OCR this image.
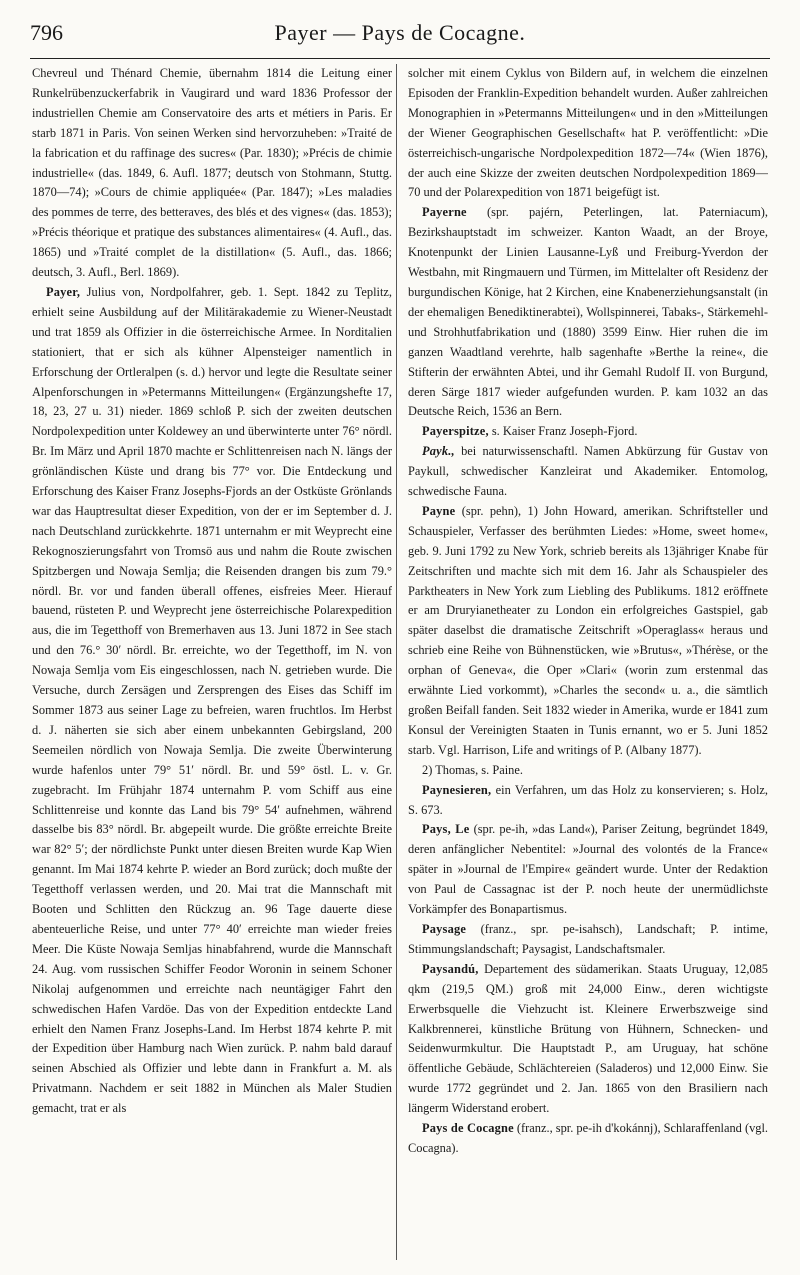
796	Payer — Pays de Cocagne.

Chevreul und Thénard Chemie, übernahm 1814 die Leitung einer Runkelrübenzuckerfabrik in Vaugirard und ward 1836 Professor der industriellen Chemie am Conservatoire des arts et métiers in Paris. Er starb 1871 in Paris. Von seinen Werken sind hervorzuheben: »Traité de la fabrication et du raffinage des sucres« (Par. 1830); »Précis de chimie industrielle« (das. 1849, 6. Aufl. 1877; deutsch von Stohmann, Stuttg. 1870—74); »Cours de chimie appliquée« (Par. 1847); »Les maladies des pommes de terre, des betteraves, des blés et des vignes« (das. 1853); »Précis théorique et pratique des substances alimentaires« (4. Aufl., das. 1865) und »Traité complet de la distillation« (5. Aufl., das. 1866; deutsch, 3. Aufl., Berl. 1869).

Payer, Julius von, Nordpolfahrer, geb. 1. Sept. 1842 zu Teplitz, erhielt seine Ausbildung auf der Militärakademie zu Wiener-Neustadt und trat 1859 als Offizier in die österreichische Armee. In Norditalien stationiert, that er sich als kühner Alpensteiger namentlich in Erforschung der Ortleralpen (s. d.) hervor und legte die Resultate seiner Alpenforschungen in »Petermanns Mitteilungen« (Ergänzungshefte 17, 18, 23, 27 u. 31) nieder. 1869 schloß P. sich der zweiten deutschen Nordpolexpedition unter Koldewey an und überwinterte unter 76° nördl. Br. Im März und April 1870 machte er Schlittenreisen nach N. längs der grönländischen Küste und drang bis 77° vor. Die Entdeckung und Erforschung des Kaiser Franz Josephs-Fjords an der Ostküste Grönlands war das Hauptresultat dieser Expedition, von der er im September d. J. nach Deutschland zurückkehrte. 1871 unternahm er mit Weyprecht eine Rekognoszierungsfahrt von Tromsö aus und nahm die Route zwischen Spitzbergen und Nowaja Semlja; die Reisenden drangen bis zum 79.° nördl. Br. vor und fanden überall offenes, eisfreies Meer. Hierauf bauend, rüsteten P. und Weyprecht jene österreichische Polarexpedition aus, die im Tegetthoff von Bremerhaven aus 13. Juni 1872 in See stach und den 76.° 30′ nördl. Br. erreichte, wo der Tegetthoff, im N. von Nowaja Semlja vom Eis eingeschlossen, nach N. getrieben wurde. Die Versuche, durch Zersägen und Zersprengen des Eises das Schiff im Sommer 1873 aus seiner Lage zu befreien, waren fruchtlos. Im Herbst d. J. näherten sie sich aber einem unbekannten Gebirgsland, 200 Seemeilen nördlich von Nowaja Semlja. Die zweite Überwinterung wurde hafenlos unter 79° 51′ nördl. Br. und 59° östl. L. v. Gr. zugebracht. Im Frühjahr 1874 unternahm P. vom Schiff aus eine Schlittenreise und konnte das Land bis 79° 54′ aufnehmen, während dasselbe bis 83° nördl. Br. abgepeilt wurde. Die größte erreichte Breite war 82° 5′; der nördlichste Punkt unter diesen Breiten wurde Kap Wien genannt. Im Mai 1874 kehrte P. wieder an Bord zurück; doch mußte der Tegetthoff verlassen werden, und 20. Mai trat die Mannschaft mit Booten und Schlitten den Rückzug an. 96 Tage dauerte diese abenteuerliche Reise, und unter 77° 40′ erreichte man wieder freies Meer. Die Küste Nowaja Semljas hinabfahrend, wurde die Mannschaft 24. Aug. vom russischen Schiffer Feodor Woronin in seinem Schoner Nikolaj aufgenommen und erreichte nach neuntägiger Fahrt den schwedischen Hafen Vardöe. Das von der Expedition entdeckte Land erhielt den Namen Franz Josephs-Land. Im Herbst 1874 kehrte P. mit der Expedition über Hamburg nach Wien zurück. P. nahm bald darauf seinen Abschied als Offizier und lebte dann in Frankfurt a. M. als Privatmann. Nachdem er seit 1882 in München als Maler Studien gemacht, trat er als

solcher mit einem Cyklus von Bildern auf, in welchem die einzelnen Episoden der Franklin-Expedition behandelt wurden. Außer zahlreichen Monographien in »Petermanns Mitteilungen« und in den »Mitteilungen der Wiener Geographischen Gesellschaft« hat P. veröffentlicht: »Die österreichisch-ungarische Nordpolexpedition 1872—74« (Wien 1876), der auch eine Skizze der zweiten deutschen Nordpolexpedition 1869—70 und der Polarexpedition von 1871 beigefügt ist.

Payerne (spr. pajérn, Peterlingen, lat. Paterniacum), Bezirkshauptstadt im schweizer. Kanton Waadt, an der Broye, Knotenpunkt der Linien Lausanne-Lyß und Freiburg-Yverdon der Westbahn, mit Ringmauern und Türmen, im Mittelalter oft Residenz der burgundischen Könige, hat 2 Kirchen, eine Knabenerziehungsanstalt (in der ehemaligen Benediktinerabtei), Wollspinnerei, Tabaks-, Stärkemehl- und Strohhutfabrikation und (1880) 3599 Einw. Hier ruhen die im ganzen Waadtland verehrte, halb sagenhafte »Berthe la reine«, die Stifterin der erwähnten Abtei, und ihr Gemahl Rudolf II. von Burgund, deren Särge 1817 wieder aufgefunden wurden. P. kam 1032 an das Deutsche Reich, 1536 an Bern.

Payerspitze, s. Kaiser Franz Joseph-Fjord.

Payk., bei naturwissenschaftl. Namen Abkürzung für Gustav von Paykull, schwedischer Kanzleirat und Akademiker. Entomolog, schwedische Fauna.

Payne (spr. pehn), 1) John Howard, amerikan. Schriftsteller und Schauspieler, Verfasser des berühmten Liedes: »Home, sweet home«, geb. 9. Juni 1792 zu New York, schrieb bereits als 13jähriger Knabe für Zeitschriften und machte sich mit dem 16. Jahr als Schauspieler des Parktheaters in New York zum Liebling des Publikums. 1812 eröffnete er am Druryianetheater zu London ein erfolgreiches Gastspiel, gab später daselbst die dramatische Zeitschrift »Operaglass« heraus und schrieb eine Reihe von Bühnenstücken, wie »Brutus«, »Thérèse, or the orphan of Geneva«, die Oper »Clari« (worin zum erstenmal das erwähnte Lied vorkommt), »Charles the second« u. a., die sämtlich großen Beifall fanden. Seit 1832 wieder in Amerika, wurde er 1841 zum Konsul der Vereinigten Staaten in Tunis ernannt, wo er 5. Juni 1852 starb. Vgl. Harrison, Life and writings of P. (Albany 1877).

2) Thomas, s. Paine.

Paynesieren, ein Verfahren, um das Holz zu konservieren; s. Holz, S. 673.

Pays, Le (spr. pe-ih, »das Land«), Pariser Zeitung, begründet 1849, deren anfänglicher Nebentitel: »Journal des volontés de la France« später in »Journal de l'Empire« geändert wurde. Unter der Redaktion von Paul de Cassagnac ist der P. noch heute der unermüdlichste Vorkämpfer des Bonapartismus.

Paysage (franz., spr. pe-isahsch), Landschaft; P. intime, Stimmungslandschaft; Paysagist, Landschaftsmaler.

Paysandú, Departement des südamerikan. Staats Uruguay, 12,085 qkm (219,5 QM.) groß mit 24,000 Einw., deren wichtigste Erwerbsquelle die Viehzucht ist. Kleinere Erwerbszweige sind Kalkbrennerei, künstliche Brütung von Hühnern, Schnecken- und Seidenwurmkultur. Die Hauptstadt P., am Uruguay, hat schöne öffentliche Gebäude, Schlächtereien (Saladeros) und 12,000 Einw. Sie wurde 1772 gegründet und 2. Jan. 1865 von den Brasiliern nach längerm Widerstand erobert.

Pays de Cocagne (franz., spr. pe-ih d'kokánnj), Schlaraffenland (vgl. Cocagna).
